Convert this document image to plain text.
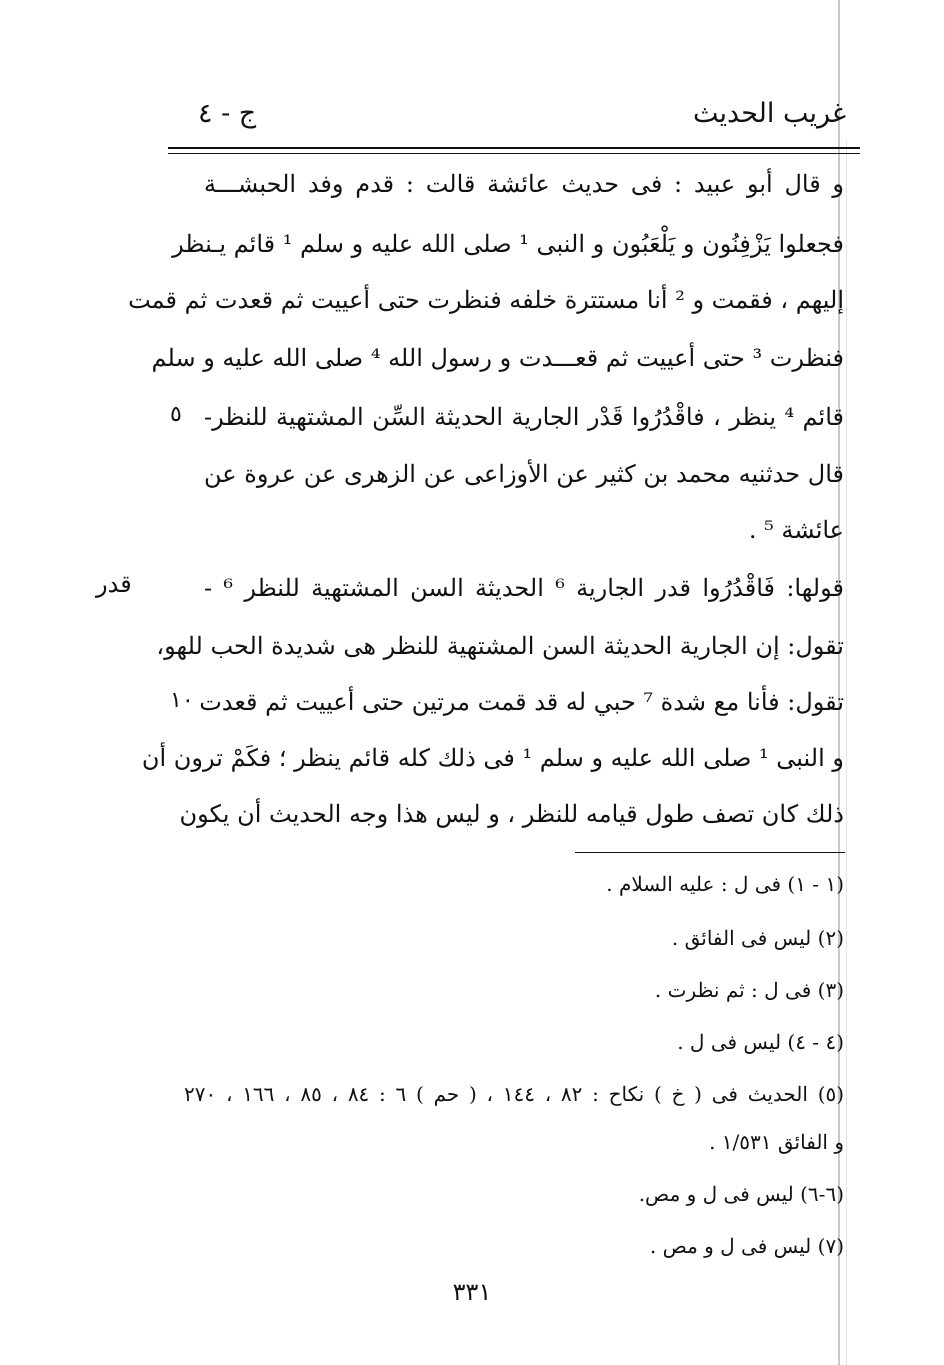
غريب الحديث
ج - ٤
و قال أبو عبيد : فى حديث عائشة قالت : قدم وفد الحبشـــة
فجعلوا يَزْفِنُون و يَلْعَبُون و النبى ¹ صلى الله عليه و سلم ¹ قائم يـنظر
إليهم ، فقمت و ² أنا مستترة خلفه فنظرت حتى أعييت ثم قعدت ثم قمت
فنظرت ³ حتى أعييت ثم قعـــدت و رسول الله ⁴ صلى الله عليه و سلم
قائم ⁴ ينظر ، فاقْدُرُوا قَدْر الجارية الحديثة السِّن المشتهية للنظر-
٥
قال حدثنيه محمد بن كثير عن الأوزاعى عن الزهرى عن عروة عن
عائشة ⁵ .
قولها: فَاقْدُرُوا قدر الجارية ⁶ الحديثة السن المشتهية للنظر ⁶ -
قدر
تقول: إن الجارية الحديثة السن المشتهية للنظر هى شديدة الحب للهو،
تقول: فأنا مع شدة ⁷ حبي له قد قمت مرتين حتى أعييت ثم قعدت
١٠
و النبى ¹ صلى الله عليه و سلم ¹ فى ذلك كله قائم ينظر ؛ فكَمْ ترون أن
ذلك كان تصف طول قيامه للنظر ، و ليس هذا وجه الحديث أن يكون
(١ - ١) فى ل : عليه السلام .
(٢) ليس فى الفائق .
(٣) فى ل : ثم نظرت .
(٤ - ٤) ليس فى ل .
(٥) الحديث فى ( خ ) نكاح : ٨٢ ، ١٤٤ ، ( حم ) ٦ : ٨٤ ، ٨٥ ، ١٦٦ ، ٢٧٠
و الفائق ١/٥٣١ .
(٦-٦) ليس فى ل و مص.
(٧) ليس فى ل و مص .
٣٣١
